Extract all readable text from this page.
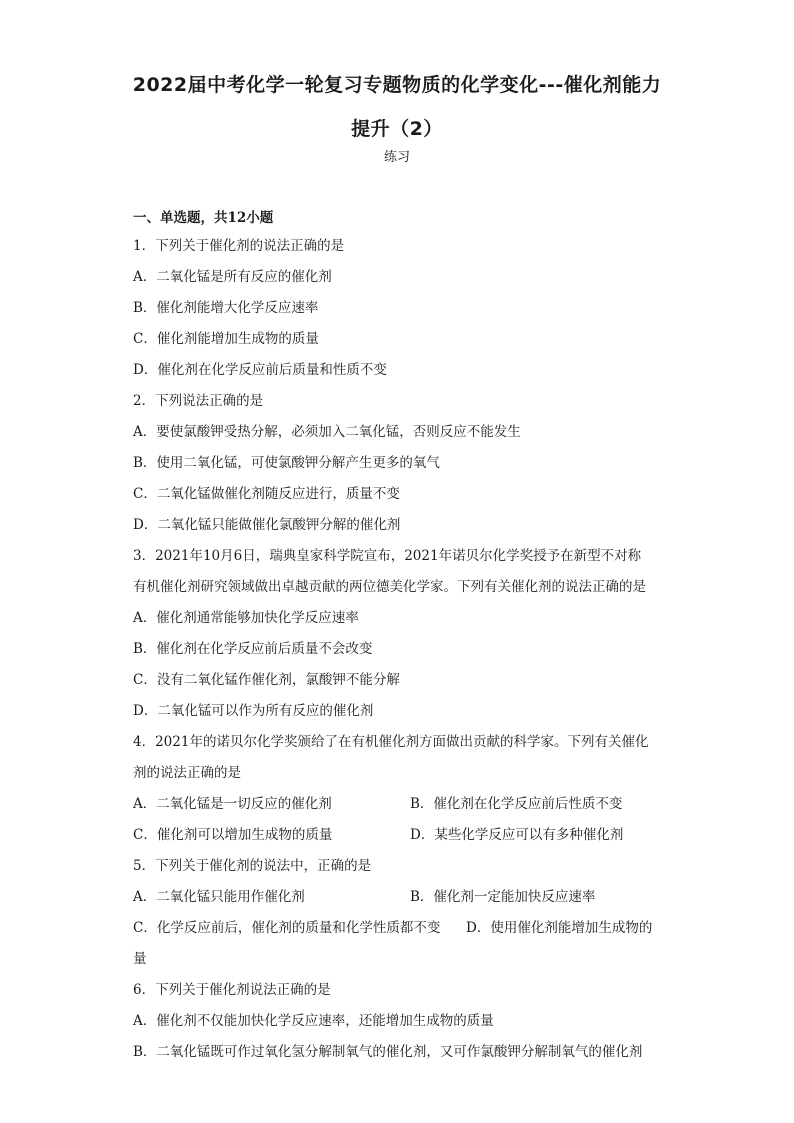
2022届中考化学一轮复习专题物质的化学变化---催化剂能力
提升（2）
练习
一、单选题，共12小题
1．下列关于催化剂的说法正确的是
A．二氧化锰是所有反应的催化剂
B．催化剂能增大化学反应速率
C．催化剂能增加生成物的质量
D．催化剂在化学反应前后质量和性质不变
2．下列说法正确的是
A．要使氯酸钾受热分解，必须加入二氧化锰，否则反应不能发生
B．使用二氧化锰，可使氯酸钾分解产生更多的氧气
C．二氧化锰做催化剂随反应进行，质量不变
D．二氧化锰只能做催化氯酸钾分解的催化剂
3．2021年10月6日，瑞典皇家科学院宣布，2021年诺贝尔化学奖授予在新型不对称
有机催化剂研究领域做出卓越贡献的两位德美化学家。下列有关催化剂的说法正确的是
A．催化剂通常能够加快化学反应速率
B．催化剂在化学反应前后质量不会改变
C．没有二氧化锰作催化剂，氯酸钾不能分解
D．二氧化锰可以作为所有反应的催化剂
4．2021年的诺贝尔化学奖颁给了在有机催化剂方面做出贡献的科学家。下列有关催化
剂的说法正确的是
A．二氧化锰是一切反应的催化剂	B．催化剂在化学反应前后性质不变
C．催化剂可以增加生成物的质量	D．某些化学反应可以有多种催化剂
5．下列关于催化剂的说法中，正确的是
A．二氧化锰只能用作催化剂	B．催化剂一定能加快反应速率
C．化学反应前后，催化剂的质量和化学性质都不变 D．使用催化剂能增加生成物的
量
6．下列关于催化剂说法正确的是
A．催化剂不仅能加快化学反应速率，还能增加生成物的质量
B．二氧化锰既可作过氧化氢分解制氧气的催化剂，又可作氯酸钾分解制氧气的催化剂
